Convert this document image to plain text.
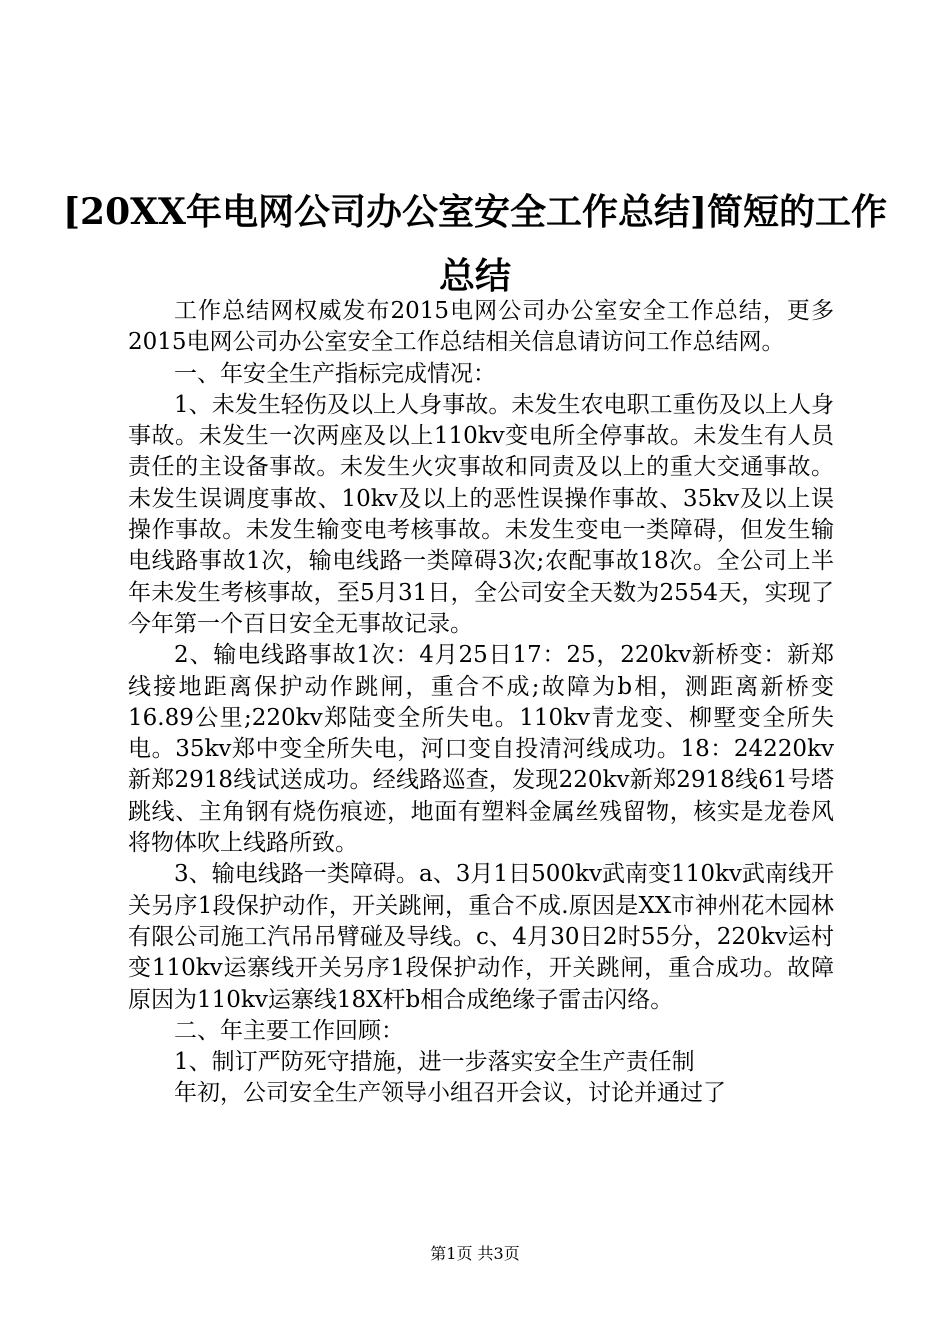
[20XX年电网公司办公室安全工作总结]简短的工作总结

工作总结网权威发布2015电网公司办公室安全工作总结，更多2015电网公司办公室安全工作总结相关信息请访问工作总结网。

一、年安全生产指标完成情况：

1、未发生轻伤及以上人身事故。未发生农电职工重伤及以上人身事故。未发生一次两座及以上110kv变电所全停事故。未发生有人员责任的主设备事故。未发生火灾事故和同责及以上的重大交通事故。未发生误调度事故、10kv及以上的恶性误操作事故、35kv及以上误操作事故。未发生输变电考核事故。未发生变电一类障碍，但发生输电线路事故1次，输电线路一类障碍3次;农配事故18次。全公司上半年未发生考核事故，至5月31日，全公司安全天数为2554天，实现了今年第一个百日安全无事故记录。

2、输电线路事故1次：4月25日17：25，220kv新桥变：新郑线接地距离保护动作跳闸，重合不成;故障为b相，测距离新桥变16.89公里;220kv郑陆变全所失电。110kv青龙变、柳墅变全所失电。35kv郑中变全所失电，河口变自投清河线成功。18：24220kv新郑2918线试送成功。经线路巡查，发现220kv新郑2918线61号塔跳线、主角钢有烧伤痕迹，地面有塑料金属丝残留物，核实是龙卷风将物体吹上线路所致。

3、输电线路一类障碍。a、3月1日500kv武南变110kv武南线开关另序1段保护动作，开关跳闸，重合不成.原因是XX市神州花木园林有限公司施工汽吊吊臂碰及导线。c、4月30日2时55分，220kv运村变110kv运寨线开关另序1段保护动作，开关跳闸，重合成功。故障原因为110kv运寨线18X杆b相合成绝缘子雷击闪络。

二、年主要工作回顾：

1、制订严防死守措施，进一步落实安全生产责任制

年初，公司安全生产领导小组召开会议，讨论并通过了

第1页 共3页
